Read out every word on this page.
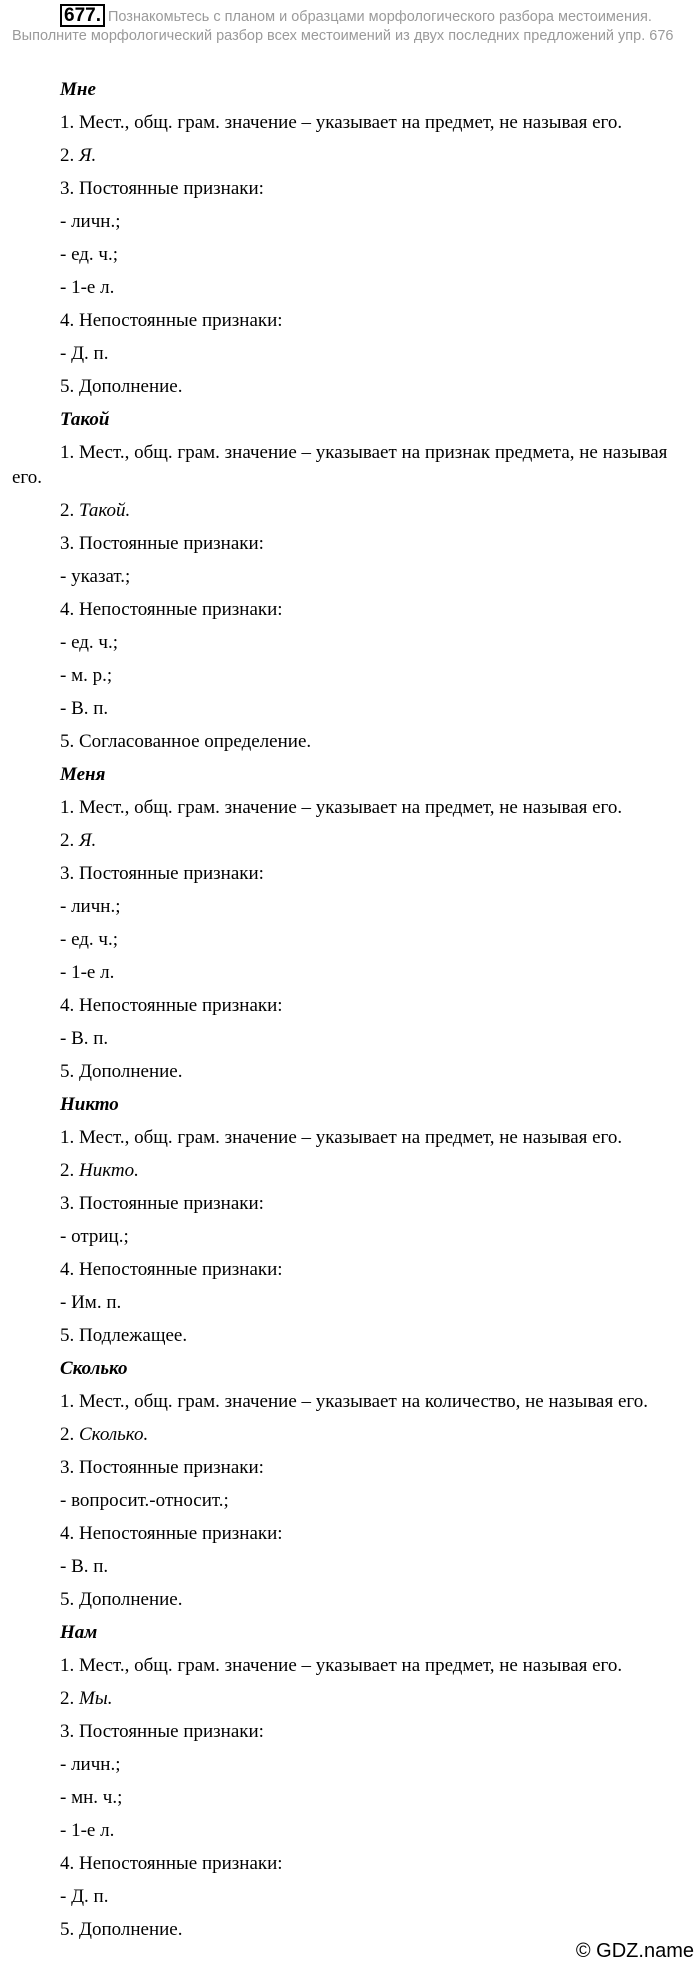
677. Познакомьтесь с планом и образцами морфологического разбора местоимения. Выполните морфологический разбор всех местоимений из двух последних предложений упр. 676
Мне
1. Мест., общ. грам. значение – указывает на предмет, не называя его.
2. Я.
3. Постоянные признаки:
- личн.;
- ед. ч.;
- 1-е л.
4. Непостоянные признаки:
- Д. п.
5. Дополнение.
Такой
1. Мест., общ. грам. значение – указывает на признак предмета, не называя его.
2. Такой.
3. Постоянные признаки:
- указат.;
4. Непостоянные признаки:
- ед. ч.;
- м. р.;
- В. п.
5. Согласованное определение.
Меня
1. Мест., общ. грам. значение – указывает на предмет, не называя его.
2. Я.
3. Постоянные признаки:
- личн.;
- ед. ч.;
- 1-е л.
4. Непостоянные признаки:
- В. п.
5. Дополнение.
Никто
1. Мест., общ. грам. значение – указывает на предмет, не называя его.
2. Никто.
3. Постоянные признаки:
- отриц.;
4. Непостоянные признаки:
- Им. п.
5. Подлежащее.
Сколько
1. Мест., общ. грам. значение – указывает на количество, не называя его.
2. Сколько.
3. Постоянные признаки:
- вопросит.-относит.;
4. Непостоянные признаки:
- В. п.
5. Дополнение.
Нам
1. Мест., общ. грам. значение – указывает на предмет, не называя его.
2. Мы.
3. Постоянные признаки:
- личн.;
- мн. ч.;
- 1-е л.
4. Непостоянные признаки:
- Д. п.
5. Дополнение.
© GDZ.name
